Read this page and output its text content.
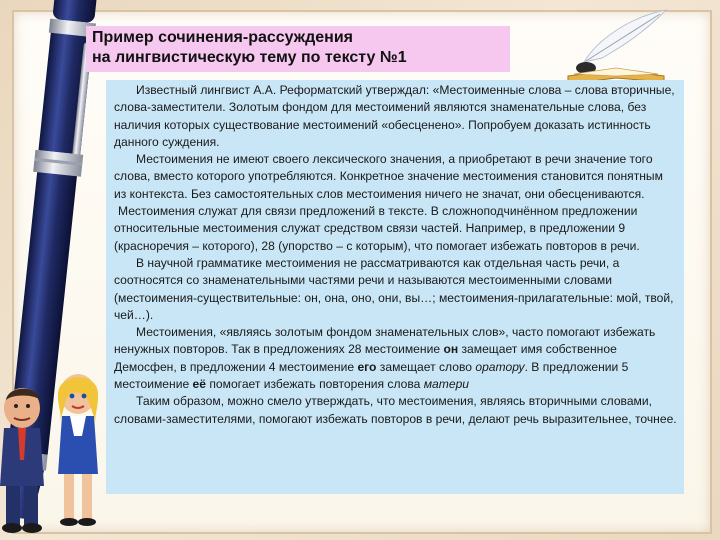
Пример сочинения-рассуждения
на лингвистическую тему по тексту №1

Известный лингвист А.А. Реформатский утверждал: «Местоименные слова – слова вторичные, слова-заместители. Золотым фондом для местоимений являются знаменательные слова, без наличия которых существование местоимений «обесценено». Попробуем доказать истинность данного суждения.

Местоимения не имеют своего лексического значения, а приобретают в речи значение того слова, вместо которого употребляются. Конкретное значение местоимения становится понятным из контекста. Без самостоятельных слов местоимения ничего не значат, они обесцениваются.

Местоимения служат для связи предложений в тексте. В сложноподчинённом предложении относительные местоимения служат средством связи частей. Например, в предложении 9 (красноречия – которого), 28 (упорство – с которым), что помогает избежать повторов в речи.

В научной грамматике местоимения не рассматриваются как отдельная часть речи, а соотносятся со знаменательными частями речи и называются местоименными словами (местоимения-существительные: он, она, оно, они, вы…; местоимения-прилагательные: мой, твой, чей…).

Местоимения, «являясь золотым фондом знаменательных слов», часто помогают избежать ненужных повторов. Так в предложениях 28 местоимение он замещает имя собственное Демосфен, в предложении 4 местоимение его замещает слово оратору. В предложении 5 местоимение её помогает избежать повторения слова матери

Таким образом, можно смело утверждать, что местоимения, являясь вторичными словами, словами-заместителями, помогают избежать повторов в речи, делают речь выразительнее, точнее.
